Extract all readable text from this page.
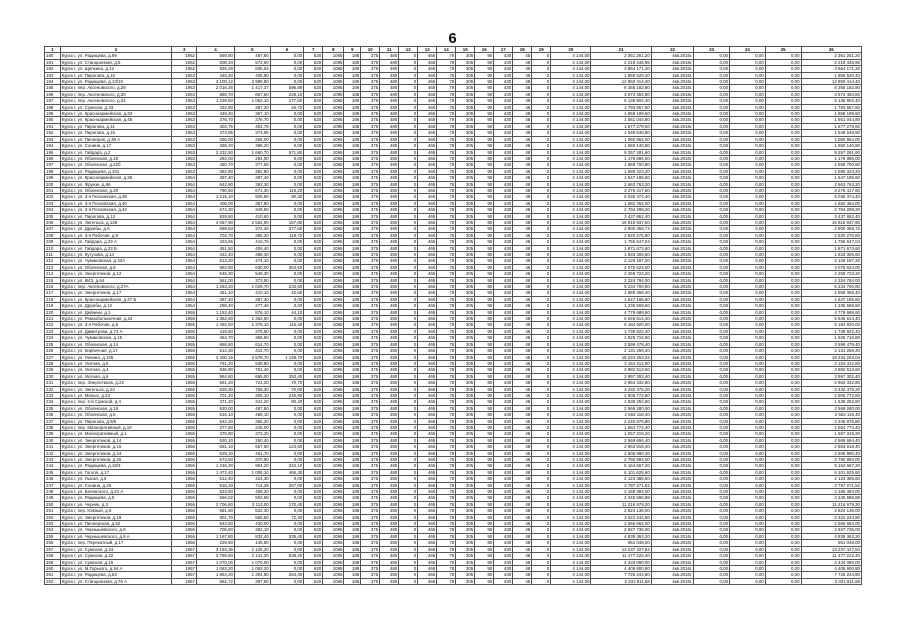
6
1	2	3	4	5	6	7	8	9	10	11	12	13	14	15	16	17	18	19	20	21	22	23	24	25	26
180	Курск г, ул. Радищева, д.99	1952	569,80	487,80	0,00	520	1065	188	375	480	0	465	78	305	90	430	45	0	4 144,00	2 361 251,20	4кв.2016г.	0,00	0,00	0,00	2 361 251,20
181	Курск г, ул. Станционная, д.5	1952	508,34	572,60	0,00	620	1095	189	375	480	0	465	78	305	90	430	48	0	4 144,00	2 219 446,96	4кв.2016г.	0,00	0,00	0,00	2 219 446,96
182	Курск г, ул. Щепкина, д.12	1952	926,28	836,04	0,00	620	1095	189	375	480	0	465	78	305	90	430	45	0	4 144,00	3 864 171,20	4кв.2016г.	0,00	0,00	0,00	3 864 171,20
183	Курск г, ул. Пирогова, д.10	1953	445,40	405,50	0,00	620	1095	188	375	480	0	465	78	305	90	430	45	0	4 144,00	1 856 520,40	4кв.2016г.	0,00	0,00	0,00	1 856 520,40
184	Курск г, ул. Радищева, д.13/15	1953	3 100,12	2 999,80	0,00	620	1095	189	375	480	0	465	78	305	90	430	48	0	4 144,00	12 850 414,40	4кв.2016г.	0,00	0,00	0,00	12 850 414,40
185	Курск г, пер. Аксеновского, д.28	1953	2 016,26	1 417,37	596,89	620	1095	189	375	480	0	465	78	305	90	430	48	0	4 144,00	8 355 182,80	4кв.2016г.	0,00	0,00	0,00	8 355 182,80
186	Курск г, пер. Аксеновского, д.30	1953	886,70	667,50	229,10	620	1095	188	375	480	0	465	78	305	90	430	48	0	4 144,00	3 674 484,80	4кв.2016г.	0,00	0,00	0,00	3 674 484,80
187	Курск г, пер. Аксеновского, д.31	1953	1 239,60	1 062,10	177,50	620	1095	189	375	480	0	465	78	305	90	430	48	0	4 144,00	5 136 902,40	4кв.2016г.	0,00	0,00	0,00	5 136 902,40
188	Курск г, ул. Сумская, д.43	1953	432,80	387,20	45,70	620	1095	188	375	480	0	465	78	305	90	430	48	0	4 144,00	1 793 657,60	4кв.2016г.	0,00	0,00	0,00	1 793 657,60
189	Курск г, ул. Красноармейская, д.33	1953	449,40	367,10	0,00	620	1095	188	375	480	0	465	78	305	90	430	48	0	4 144,00	1 858 199,60	4кв.2016г.	0,00	0,00	0,00	1 858 199,60
190	Курск г, ул. Красноармейская, д.45	1953	376,70	376,70	0,00	620	1095	188	375	480	0	465	78	305	90	430	48	0	4 144,00	1 561 044,80	4кв.2016г.	0,00	0,00	0,00	1 561 044,80
191	Курск г, ул. Пирогова, д.11	1953	404,75	404,75	0,00	620	1095	188	375	480	0	465	78	305	90	430	48	0	4 144,00	1 677 279,60	4кв.2016г.	0,00	0,00	0,00	1 677 279,60
192	Курск г, ул. Пирогова, д.15	1953	373,95	373,95	0,00	620	1095	188	375	480	0	465	78	305	90	430	48	0	4 144,00	1 549 648,80	4кв.2016г.	0,00	0,00	0,00	1 549 648,80
193	Курск г, ул. Пионеров, д.38 А	1953	256,00	256,00	0,00	620	1095	188	375	480	0	465	78	305	90	430	48	0	4 144,00	1 060 864,00	4кв.2016г.	0,00	0,00	0,00	1 060 864,00
194	Курск г, ул. Сонина, д.17	1953	398,20	398,20	0,00	620	1095	188	375	480	0	465	78	305	90	430	48	0	4 144,00	1 650 140,80	4кв.2016г.	0,00	0,00	0,00	1 650 140,80
195	Курск г, ул. Гайдара, д.2	1953	2 232,50	1 660,70	571,80	620	1095	188	375	480	0	465	78	305	90	430	48	0	4 144,00	9 257 281,60	4кв.2016г.	0,00	0,00	0,00	9 257 281,60
196	Курск г, ул. Обоянская, д.18	1953	284,00	284,00	0,00	620	1095	188	375	480	0	465	78	305	90	430	48	0	4 144,00	1 176 896,00	4кв.2016г.	0,00	0,00	0,00	1 176 896,00
197	Курск г, ул. Обоянская, д.22б	1953	450,70	377,55	0,00	620	1095	188	375	480	0	465	78	305	90	430	48	0	4 144,00	1 868 700,80	4кв.2016г.	0,00	0,00	0,00	1 868 700,80
198	Курск г, ул. Радищева, д.101	1953	382,80	382,80	0,00	620	1095	188	375	480	0	465	78	305	90	430	48	0	4 144,00	1 586 323,20	4кв.2016г.	0,00	0,00	0,00	1 586 323,20
199	Курск г, ул. Красноармейская, д.35	1954	397,40	397,40	0,00	620	1095	188	375	480	0	465	78	305	90	430	48	0	4 144,00	1 647 185,60	4кв.2016г.	0,00	0,00	0,00	1 647 185,60
200	Курск г, ул. Фрунзе, д.66	1954	642,80	393,30	0,00	620	1095	188	375	480	0	465	78	305	90	430	48	0	4 144,00	2 663 763,20	4кв.2016г.	0,00	0,00	0,00	2 663 763,20
201	Курск г, ул. Обоянская, д.20	1954	790,60	671,40	119,20	620	1095	188	375	480	0	465	78	305	90	430	48	0	4 144,00	3 275 417,60	4кв.2016г.	0,00	0,00	0,00	3 275 417,60
202	Курск г, ул. 3-я Песковская, д.39	1954	1 215,10	925,80	90,30	620	1095	188	375	480	0	465	78	305	90	430	48	0	4 144,00	5 035 374,40	4кв.2016г.	0,00	0,00	0,00	5 035 374,40
203	Курск г, ул. 3-я Песковская, д.40	1954	406,00	357,80	0,00	620	1095	188	375	480	0	465	78	305	90	430	48	0	4 144,00	1 682 464,00	4кв.2016г.	0,00	0,00	0,00	1 682 464,00
204	Курск г, ул. 3-я Песковская, д.42	1954	674,30	349,80	0,00	620	1095	188	375	480	0	465	78	305	90	430	48	0	4 144,00	2 794 299,20	4кв.2016г.	0,00	0,00	0,00	2 794 299,20
205	Курск г, ул. Пирогова, д.13	1954	829,60	410,60	0,00	620	1095	188	375	480	0	465	78	305	90	430	48	0	4 144,00	3 437 862,40	4кв.2016г.	0,00	0,00	0,00	3 437 862,40
206	Курск г, ул. Энгельса, д.136	1954	4 057,90	2 562,90	167,80	620	1095	188	375	480	0	465	78	305	90	430	48	0	4 144,00	16 815 937,60	4кв.2016г.	0,00	0,00	0,00	16 815 937,60
207	Курск г, ул. Дружбы, д.6	1954	699,63	372,40	377,60	620	1095	188	375	480	0	465	78	305	90	430	48	0	4 144,00	2 900 358,72	4кв.2016г.	0,00	0,00	0,00	2 900 358,72
208	Курск г, ул. 3-я Рабочая, д.9	1954	704,70	385,20	119,70	620	1095	188	375	480	0	465	78	305	90	430	48	0	4 144,00	2 920 276,80	4кв.2016г.	0,00	0,00	0,00	2 920 276,80
209	Курск г, ул. Гайдара, д.23 А	1954	423,66	410,76	0,00	620	1095	188	375	480	0	465	78	305	90	430	48	0	4 144,00	1 755 647,04	4кв.2016г.	0,00	0,00	0,00	1 755 647,04
210	Курск г, ул. Гайдара, д.23 Б	1954	451,50	406,40	0,00	620	1095	188	375	480	0	465	78	305	90	430	48	0	4 144,00	1 871 673,60	4кв.2016г.	0,00	0,00	0,00	1 871 673,60
211	Курск г, ул. Кутузова, д.14	1954	442,40	388,40	0,00	620	1095	188	375	480	0	465	78	305	90	430	48	0	4 144,00	1 833 305,60	4кв.2016г.	0,00	0,00	0,00	1 833 305,60
212	Курск г, ул. Чумаковская, д.33А	1954	513,20	474,10	0,00	620	1095	188	375	480	0	465	78	305	90	430	48	0	4 144,00	2 126 187,20	4кв.2016г.	0,00	0,00	0,00	2 126 187,20
213	Курск г, ул. Обоянская, д.8	1954	983,50	630,00	353,50	620	1095	188	375	480	0	465	78	305	90	430	48	0	4 144,00	4 075 624,00	4кв.2016г.	0,00	0,00	0,00	4 075 624,00
214	Курск г, ул. Энергетиков, д.12	1954	545,30	545,30	0,00	620	1095	188	375	480	0	465	78	305	90	430	48	0	4 144,00	2 259 723,20	4кв.2016г.	0,00	0,00	0,00	2 259 723,20
215	Курск г, ул. КИЗ, д.64	1954	561,00	373,50	0,00	620	1095	188	375	480	0	465	78	305	90	430	48	0	4 144,00	2 324 784,00	4кв.2016г.	0,00	0,00	0,00	2 324 784,00
216	Курск г, пер. Аксеновского, д.27А	1954	1 263,20	1 029,70	233,50	620	1095	188	375	480	0	465	78	305	90	430	48	0	4 144,00	5 234 700,80	4кв.2016г.	0,00	0,00	0,00	5 234 700,80
217	Курск г, ул. Энергетиков, д.17	1954	451,10	410,10	42,60	620	1095	188	375	480	0	465	78	305	90	430	48	0	4 144,00	1 869 358,40	4кв.2016г.	0,00	0,00	0,00	1 869 358,40
218	Курск г, ул. Красноармейская, д.37 Б	1954	397,40	397,40	0,00	620	1095	188	375	480	0	465	78	305	90	430	48	0	4 144,00	1 647 185,60	4кв.2016г.	0,00	0,00	0,00	1 647 185,60
219	Курск г, ул. Дружбы, д.12	1954	298,40	277,46	0,00	620	1095	188	375	480	0	465	78	305	90	430	48	0	4 144,00	1 236 569,60	4кв.2016г.	0,00	0,00	0,00	1 236 569,60
220	Курск г, ул. Дейнеки, д.1	1955	1 153,40	876,10	44,10	620	1095	188	375	480	0	465	78	305	90	430	48	0	4 144,00	4 779 689,60	4кв.2016г.	0,00	0,00	0,00	4 779 689,60
221	Курск г, ул. Ремзобольничная, д.24	1955	1 362,60	1 362,60	0,00	620	1095	188	375	480	0	465	78	305	90	430	48	0	4 144,00	5 646 614,40	4кв.2016г.	0,00	0,00	0,00	5 646 614,40
222	Курск г, ул. 3-я Рабочая, д.5	1955	1 492,50	1 376,10	116,40	620	1095	188	375	480	0	465	78	305	90	430	48	0	4 144,00	6 184 920,00	4кв.2016г.	0,00	0,00	0,00	6 184 920,00
223	Курск г, ул. Димитрова, д.74 А	1955	419,60	375,60	0,00	620	1095	188	375	480	0	465	78	305	90	430	48	0	4 144,00	1 738 822,40	4кв.2016г.	0,00	0,00	0,00	1 738 822,40
224	Курск г, ул. Чумаковская, д.15	1955	464,70	366,80	0,00	620	1095	188	375	480	0	465	78	305	90	430	48	0	4 144,00	1 925 716,80	4кв.2016г.	0,00	0,00	0,00	1 925 716,80
225	Курск г, ул. Обоянская, д.14	1955	868,60	614,70	0,00	620	1095	188	375	480	0	465	78	305	90	430	48	0	4 144,00	3 599 478,40	4кв.2016г.	0,00	0,00	0,00	3 599 478,40
226	Курск г, ул. Кирпичная, д.17	1955	514,30	412,70	0,00	620	1095	188	375	480	0	465	78	305	90	430	48	0	4 144,00	2 131 259,20	4кв.2016г.	0,00	0,00	0,00	2 131 259,20
227	Курск г, ул. Ленина, д.105	1955	4 400,16	2 578,70	1 149,70	620	1095	188	375	480	0	465	78	305	90	430	48	0	4 144,00	18 234 263,04	4кв.2016г.	0,00	0,00	0,00	18 234 263,04
228	Курск г, ул. Уютная, д.5	1955	761,20	539,80	0,00	620	1095	188	375	480	0	465	78	305	90	430	48	0	4 144,00	3 154 412,80	4кв.2016г.	0,00	0,00	0,00	3 154 412,80
229	Курск г, ул. Уютная, д.4	1955	936,90	751,40	0,00	620	1095	188	375	480	0	465	78	305	90	430	48	0	4 144,00	3 882 513,60	4кв.2016г.	0,00	0,00	0,00	3 882 513,60
230	Курск г, ул. Уютная, д.6	1955	964,60	665,00	253,40	620	1095	188	375	480	0	465	78	305	90	430	48	0	4 144,00	3 997 302,40	4кв.2016г.	0,00	0,00	0,00	3 997 302,40
231	Курск г, пер. Энергетиков, д.22	1955	691,20	721,20	70,70	620	1095	188	375	480	0	465	78	305	90	430	48	0	4 144,00	2 864 332,80	4кв.2016г.	0,00	0,00	0,00	2 864 332,80
232	Курск г, ул. Энгельса, д.23	1955	828,30	758,30	70,00	620	1095	188	375	480	0	465	78	305	90	430	48	0	4 144,00	3 432 475,20	4кв.2016г.	0,00	0,00	0,00	3 432 475,20
233	Курск г, ул. Малых, д.23	1955	701,20	305,10	245,90	620	1095	188	375	480	0	465	78	305	90	430	48	0	4 144,00	2 905 772,80	4кв.2016г.	0,00	0,00	0,00	2 905 772,80
234	Курск г, пер. 2-й Сумской, д.4	1955	371,20	341,20	90,40	620	1095	188	375	480	0	465	78	305	90	430	48	0	4 144,00	1 538 252,80	4кв.2016г.	0,00	0,00	0,00	1 538 252,80
235	Курск г, ул. Обоянская, д.15	1955	620,00	487,60	0,00	620	1095	188	375	480	0	465	78	305	90	430	48	0	4 144,00	2 569 280,00	4кв.2016г.	0,00	0,00	0,00	2 569 280,00
236	Курск г, ул. Обоянская, д.5	1955	616,10	488,10	0,00	620	1095	188	375	480	0	465	78	305	90	430	48	0	4 144,00	2 553 118,40	4кв.2016г.	0,00	0,00	0,00	2 553 118,40
237	Курск г, ул. Пирогова, д.9/5	1955	542,20	365,20	0,00	620	1095	188	375	480	0	465	78	305	90	430	48	0	4 144,00	2 246 876,80	4кв.2016г.	0,00	0,00	0,00	2 246 876,80
238	Курск г, пер. Малиоративный, д.10	1955	377,60	245,00	0,00	620	1095	188	375	480	0	465	78	305	90	430	48	0	4 144,00	1 564 774,40	4кв.2016г.	0,00	0,00	0,00	1 564 774,40
239	Курск г, ул. Малиоративный, д.1	1955	375,80	373,20	0,00	620	1095	188	375	480	0	465	78	305	90	430	48	0	4 144,00	1 557 315,20	4кв.2016г.	0,00	0,00	0,00	1 557 315,20
240	Курск г, ул. Энергетиков, д.14	1956	620,10	260,40	0,00	620	1095	188	375	480	0	465	78	305	90	430	48	0	4 144,00	2 569 694,40	4кв.2016г.	0,00	0,00	0,00	2 569 694,40
241	Курск г, ул. Энергетиков, д.16	1956	691,10	567,60	123,50	620	1095	188	375	480	0	465	78	305	90	430	48	0	4 144,00	2 863 918,40	4кв.2016г.	0,00	0,00	0,00	2 863 918,40
242	Курск г, ул. Энергетиков, д.24	1956	629,10	461,70	0,00	620	1095	188	375	480	0	465	78	305	90	430	48	0	4 144,00	2 606 990,40	4кв.2016г.	0,00	0,00	0,00	2 606 990,40
243	Курск г, ул. Энергетиков, д.26	1956	673,50	370,50	0,00	620	1095	188	375	480	0	465	78	305	90	430	48	0	4 144,00	2 790 984,00	4кв.2016г.	0,00	0,00	0,00	2 790 984,00
244	Курск г, ул. Радищева, д.18/3	1956	1 246,30	904,20	342,10	620	1095	188	375	480	0	465	78	305	90	430	48	0	4 144,00	5 164 667,20	4кв.2016г.	0,00	0,00	0,00	5 164 667,20
245	Курск г, ул. Гоголя, д.17	1956	1 472,40	1 006,10	466,30	620	1095	188	375	480	0	465	78	305	90	430	48	0	4 144,00	6 101 625,60	4кв.2016г.	0,00	0,00	0,00	6 101 625,60
246	Курск г, ул. Лысая, д.6	1956	512,40	424,30	0,00	620	1095	188	375	480	0	465	78	305	90	430	48	0	4 144,00	2 123 385,60	4кв.2016г.	0,00	0,00	0,00	2 123 385,60
247	Курск г, ул. Сонина, д.25	1956	916,33	714,28	257,00	620	1095	188	375	480	0	465	78	305	90	430	48	0	4 144,00	3 797 271,52	4кв.2016г.	0,00	0,00	0,00	3 797 271,52
248	Курск г, ул. Белинского, д.23 А	1956	523,50	458,20	0,00	620	1095	188	375	480	0	465	78	305	90	430	48	0	4 144,00	2 169 384,00	4кв.2016г.	0,00	0,00	0,00	2 169 384,00
249	Курск г, ул. Радищева, д.9	1956	566,02	502,90	0,00	620	1095	188	375	480	0	465	78	305	90	430	48	0	4 144,00	2 345 586,88	4кв.2016г.	0,00	0,00	0,00	2 345 586,88
250	Курск г, ул. Черняк, д.3	1956	2 706,80	2 113,00	170,40	620	1095	188	375	480	0	465	78	305	90	430	48	0	4 144,00	11 216 979,20	4кв.2016г.	0,00	0,00	0,00	11 216 979,20
251	Курск г, пер. Южный, д.5	1956	681,50	522,30	0,00	620	1095	188	375	480	0	465	78	305	90	430	48	0	4 144,00	2 824 136,00	4кв.2016г.	0,00	0,00	0,00	2 824 136,00
252	Курск г, ул. Энергетиков, д.18	1956	801,70	555,50	72,30	620	1095	188	375	480	0	465	78	305	90	430	48	0	4 144,00	3 322 244,80	4кв.2016г.	0,00	0,00	0,00	3 322 244,80
253	Курск г, ул. Пионерская, д.52	1956	643,50	430,00	0,00	620	1095	188	375	480	0	465	78	305	90	430	48	0	4 144,00	2 666 664,00	4кв.2016г.	0,00	0,00	0,00	2 666 664,00
254	Курск г, ул. Чернышевского, д.9	1956	706,50	382,10	0,00	620	1095	188	375	480	0	465	78	305	90	430	48	0	4 144,00	2 927 736,00	4кв.2016г.	0,00	0,00	0,00	2 927 736,00
255	Курск г, ул. Чернышевского, д.9 А	1956	1 167,80	832,40	335,40	620	1095	188	375	480	0	465	78	305	90	430	48	0	4 144,00	4 839 363,20	4кв.2016г.	0,00	0,00	0,00	4 839 363,20
256	Курск г, пер. Перекатный, д.17	1956	229,50	145,80	0,00	620	1095	188	375	480	0	465	78	305	90	430	48	0	4 144,00	951 048,00	4кв.2016г.	0,00	0,00	0,00	951 048,00
257	Курск г, ул. Сумская, д.24	1957	3 194,36	1 125,20	0,00	620	1095	188	375	480	0	465	78	305	90	430	48	0	4 144,00	13 237 427,84	4кв.2016г.	0,00	0,00	0,00	13 237 427,84
258	Курск г, ул. Сумская, д.22	1957	2 769,60	2 131,20	638,40	620	1095	188	375	480	0	465	78	305	90	430	48	0	4 144,00	11 477 222,40	4кв.2016г.	0,00	0,00	0,00	11 477 222,40
259	Курск г, ул. Сумская, д.15	1957	1 070,00	1 070,00	0,00	620	1095	188	375	480	0	465	78	305	90	430	48	0	4 144,00	4 434 080,00	4кв.2016г.	0,00	0,00	0,00	4 434 080,00
260	Курск г, ул. М.Горького, д.54 А	1957	1 063,20	1 063,20	0,00	620	1095	188	375	480	0	465	78	305	90	430	48	0	4 144,00	4 405 900,80	4кв.2016г.	0,00	0,00	0,00	4 405 900,80
261	Курск г, ул. Радищева, д.63	1957	1 864,20	1 304,80	264,40	620	1095	188	375	480	0	465	78	305	90	430	48	0	4 144,00	7 725 244,80	4кв.2016г.	0,00	0,00	0,00	7 725 244,80
262	Курск г, ул. Станционная, д.75 А	1957	562,72	397,90	0,00	620	1095	188	375	480	0	465	78	305	90	430	48	0	4 144,00	2 331 911,68	4кв.2016г.	0,00	0,00	0,00	2 331 911,68
